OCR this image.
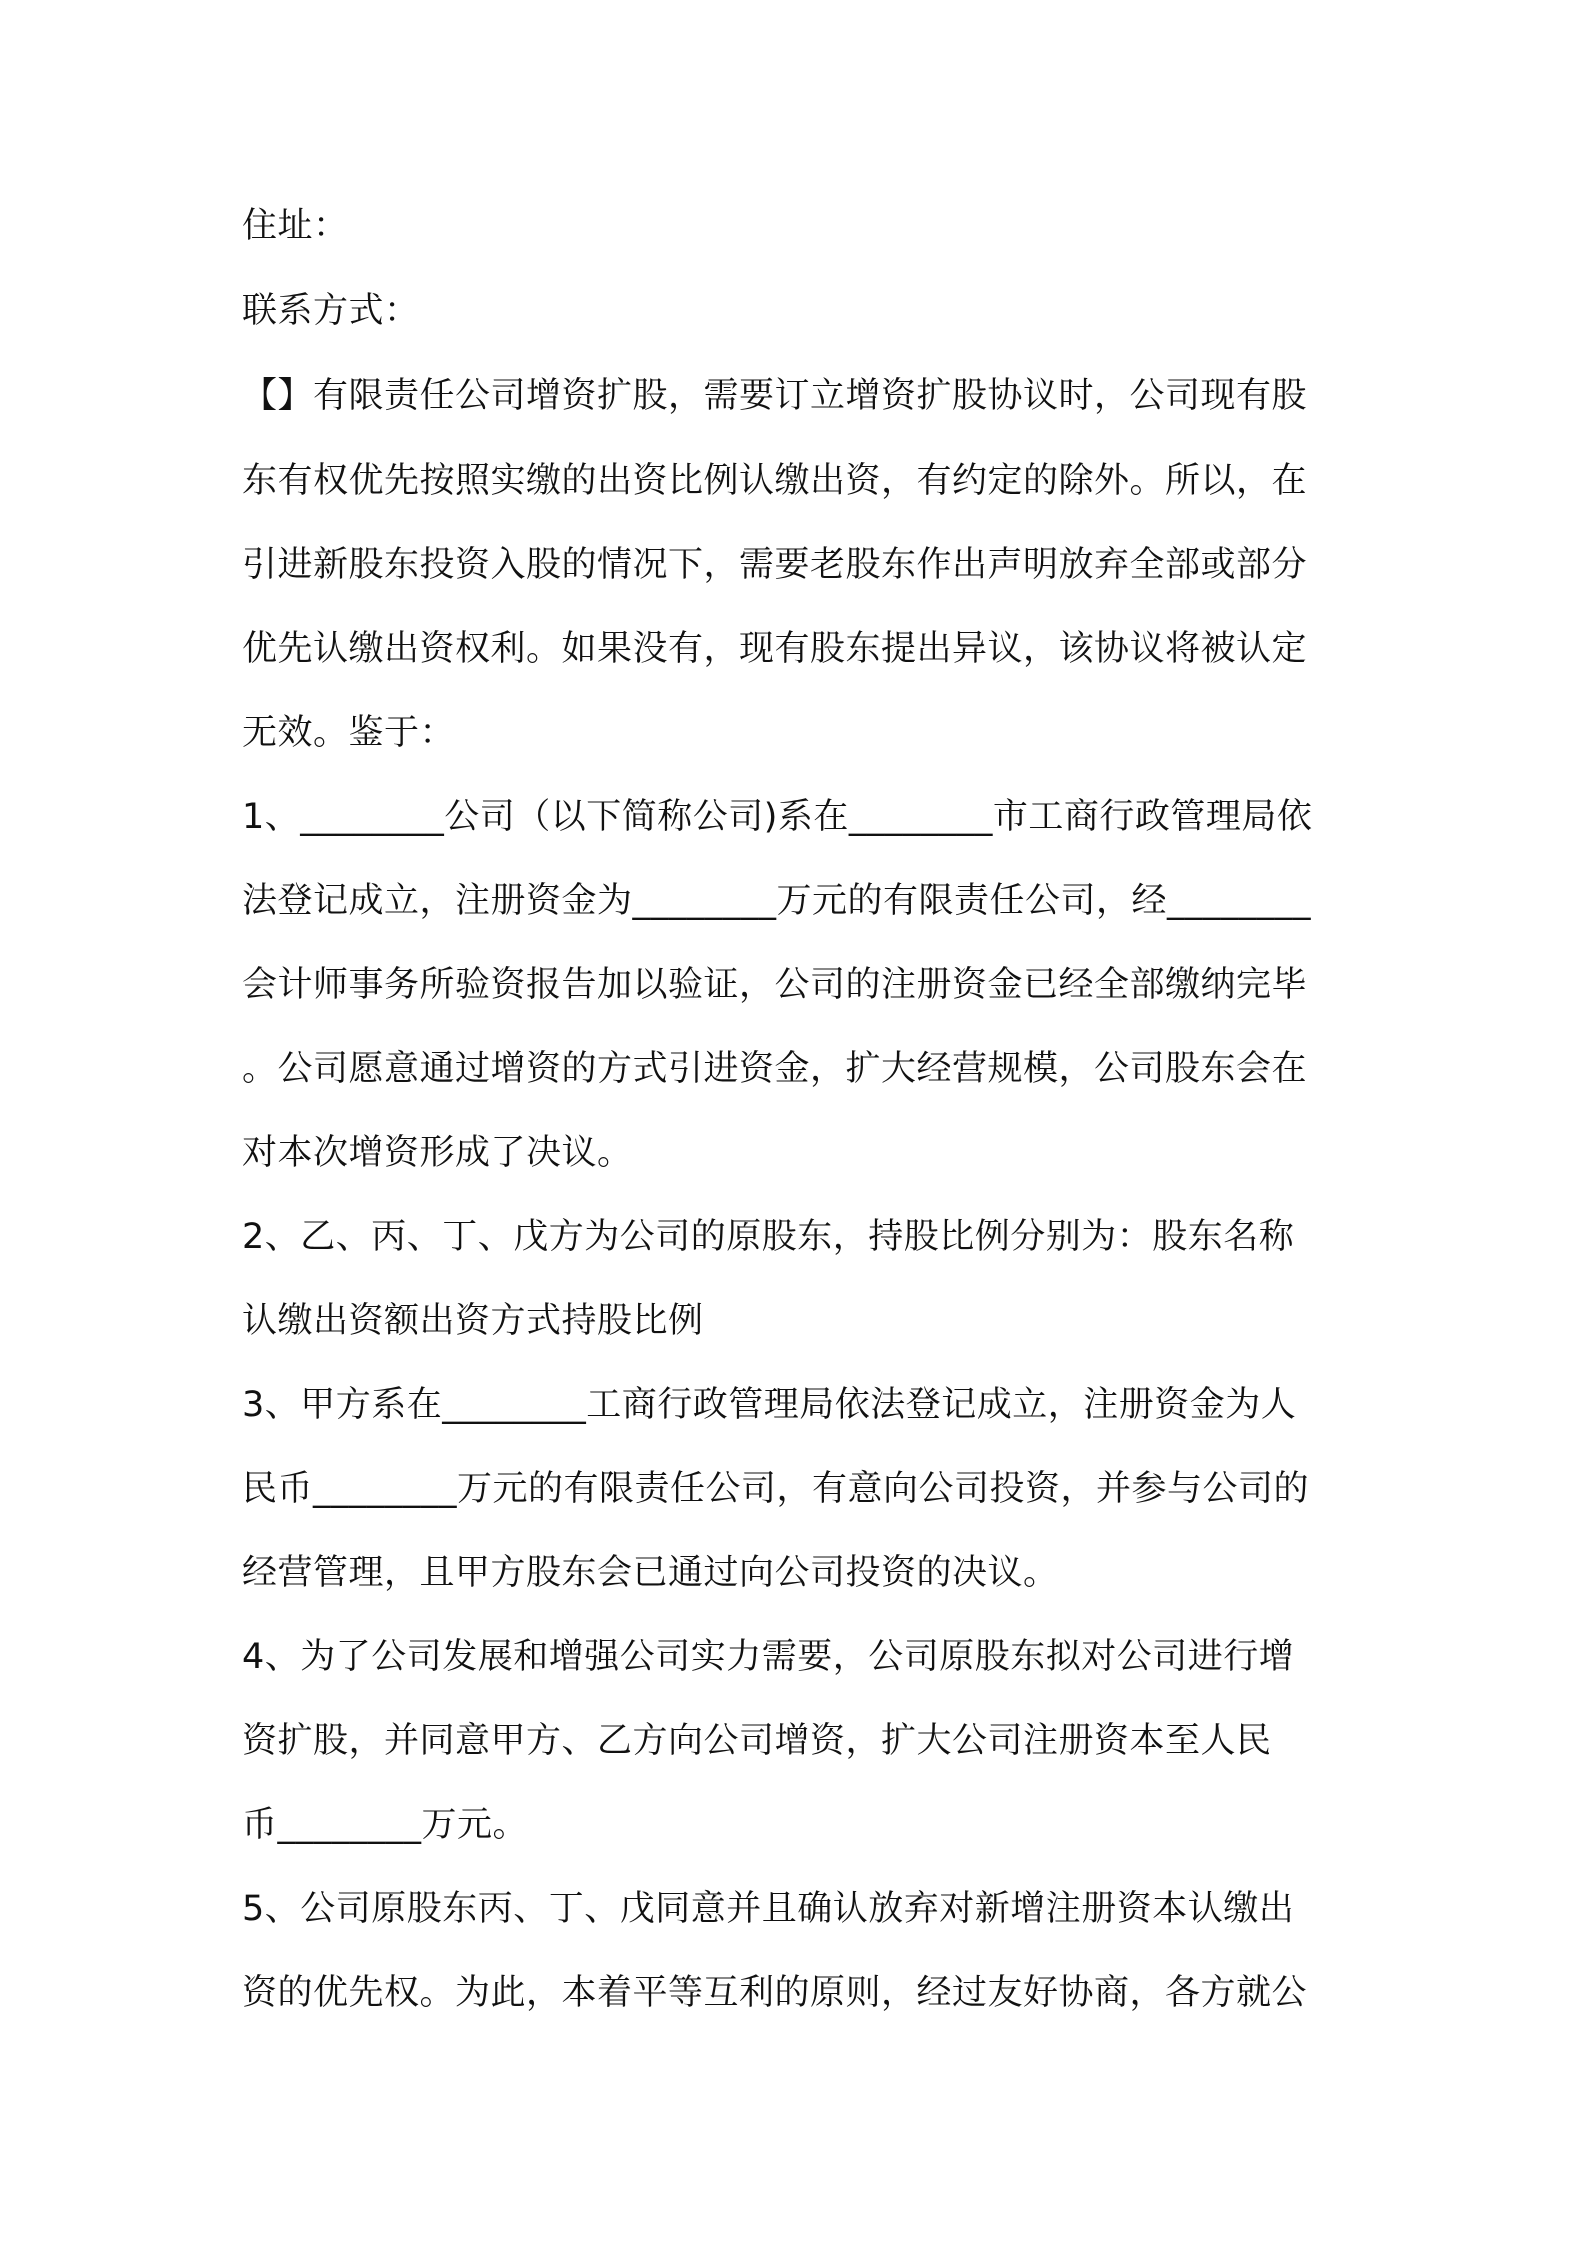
住址：
联系方式：
【】有限责任公司增资扩股，需要订立增资扩股协议时，公司现有股
东有权优先按照实缴的出资比例认缴出资，有约定的除外。所以，在
引进新股东投资入股的情况下，需要老股东作出声明放弃全部或部分
优先认缴出资权利。如果没有，现有股东提出异议，该协议将被认定
无效。鉴于：
1、________公司（以下简称公司)系在________市工商行政管理局依
法登记成立，注册资金为________万元的有限责任公司，经________
会计师事务所验资报告加以验证，公司的注册资金已经全部缴纳完毕
。公司愿意通过增资的方式引进资金，扩大经营规模，公司股东会在
对本次增资形成了决议。
2、乙、丙、丁、戊方为公司的原股东，持股比例分别为：股东名称
认缴出资额出资方式持股比例
3、甲方系在________工商行政管理局依法登记成立，注册资金为人
民币________万元的有限责任公司，有意向公司投资，并参与公司的
经营管理，且甲方股东会已通过向公司投资的决议。
4、为了公司发展和增强公司实力需要，公司原股东拟对公司进行增
资扩股，并同意甲方、乙方向公司增资，扩大公司注册资本至人民
币________万元。
5、公司原股东丙、丁、戊同意并且确认放弃对新增注册资本认缴出
资的优先权。为此，本着平等互利的原则，经过友好协商，各方就公
